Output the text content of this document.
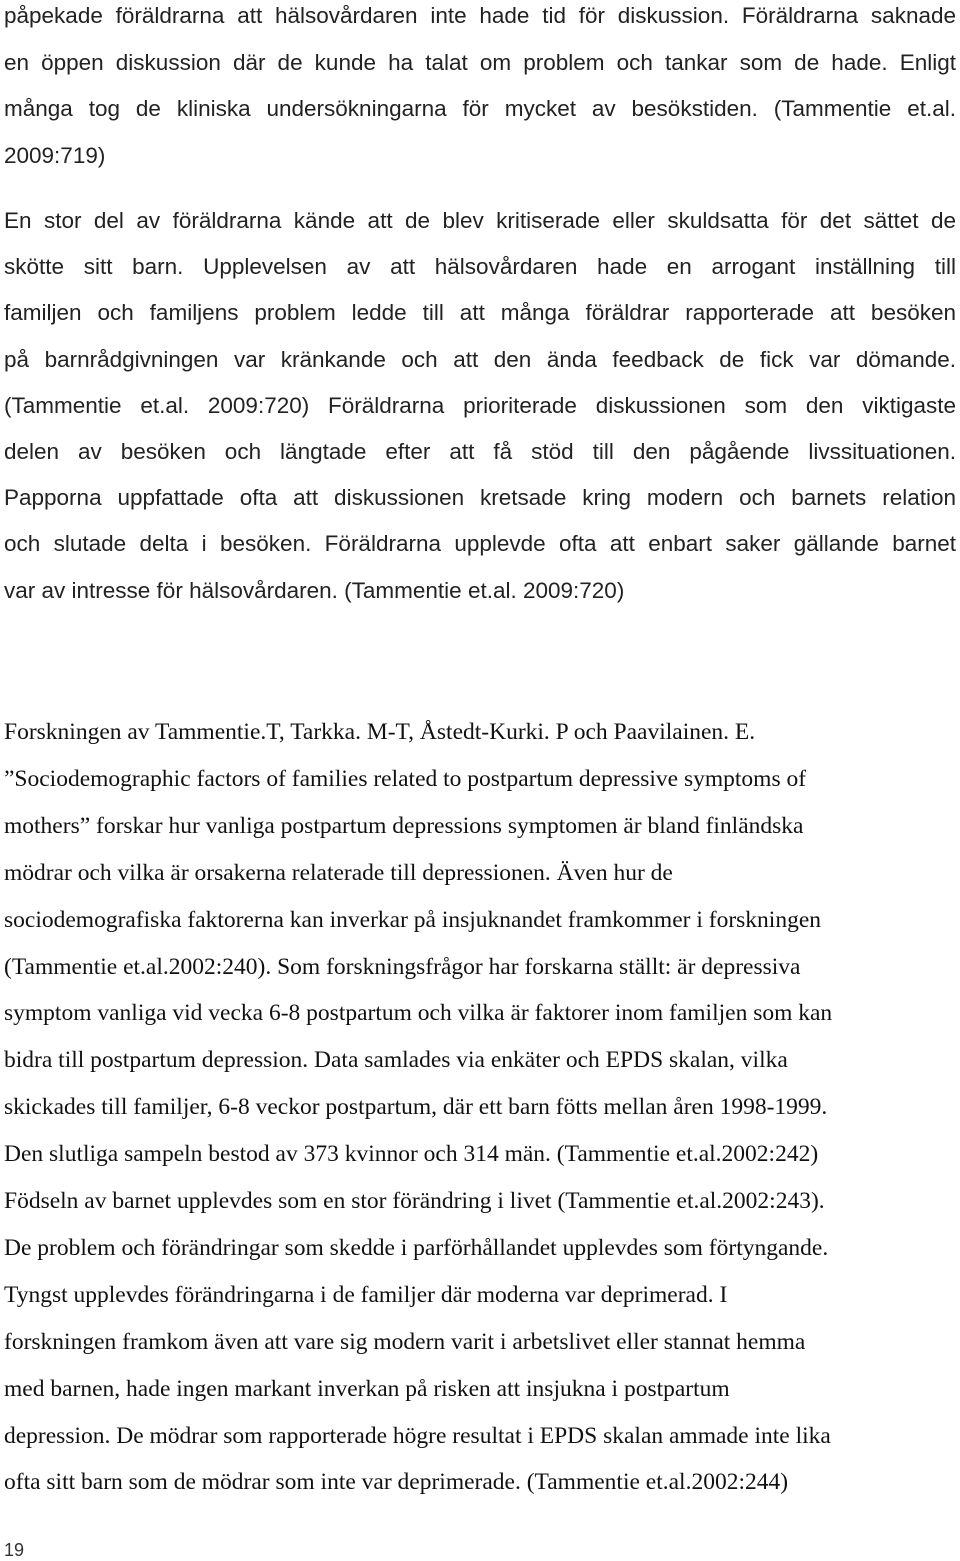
påpekade föräldrarna att hälsovårdaren inte hade tid för diskussion. Föräldrarna saknade
en öppen diskussion där de kunde ha talat om problem och tankar som de hade. Enligt
många tog de kliniska undersökningarna för mycket av besökstiden. (Tammentie et.al.
2009:719)
En stor del av föräldrarna kände att de blev kritiserade eller skuldsatta för det sättet de
skötte sitt barn. Upplevelsen av att hälsovårdaren hade en arrogant inställning till
familjen och familjens problem ledde till att många föräldrar rapporterade att besöken
på barnrådgivningen var kränkande och att den ända feedback de fick var dömande.
(Tammentie et.al. 2009:720) Föräldrarna prioriterade diskussionen som den viktigaste
delen av besöken och längtade efter att få stöd till den pågående livssituationen.
Papporna uppfattade ofta att diskussionen kretsade kring modern och barnets relation
och slutade delta i besöken. Föräldrarna upplevde ofta att enbart saker gällande barnet
var av intresse för hälsovårdaren. (Tammentie et.al. 2009:720)
Forskningen av Tammentie.T, Tarkka. M-T, Åstedt-Kurki. P och Paavilainen. E.
”Sociodemographic factors of families related to postpartum depressive symptoms of
mothers” forskar hur vanliga postpartum depressions symptomen är bland finländska
mödrar och vilka är orsakerna relaterade till depressionen. Även hur de
sociodemografiska faktorerna kan inverkar på insjuknandet framkommer i forskningen
(Tammentie et.al.2002:240). Som forskningsfrågor har forskarna ställt: är depressiva
symptom vanliga vid vecka 6-8 postpartum och vilka är faktorer inom familjen som kan
bidra till postpartum depression. Data samlades via enkäter och EPDS skalan, vilka
skickades till familjer, 6-8 veckor postpartum, där ett barn fötts mellan åren 1998-1999.
Den slutliga sampeln bestod av 373 kvinnor och 314 män. (Tammentie et.al.2002:242)
Födseln av barnet upplevdes som en stor förändring i livet (Tammentie et.al.2002:243).
De problem och förändringar som skedde i parförhållandet upplevdes som förtyngande.
Tyngst upplevdes förändringarna i de familjer där moderna var deprimerad. I
forskningen framkom även att vare sig modern varit i arbetslivet eller stannat hemma
med barnen, hade ingen markant inverkan på risken att insjukna i postpartum
depression. De mödrar som rapporterade högre resultat i EPDS skalan ammade inte lika
ofta sitt barn som de mödrar som inte var deprimerade. (Tammentie et.al.2002:244)
19
